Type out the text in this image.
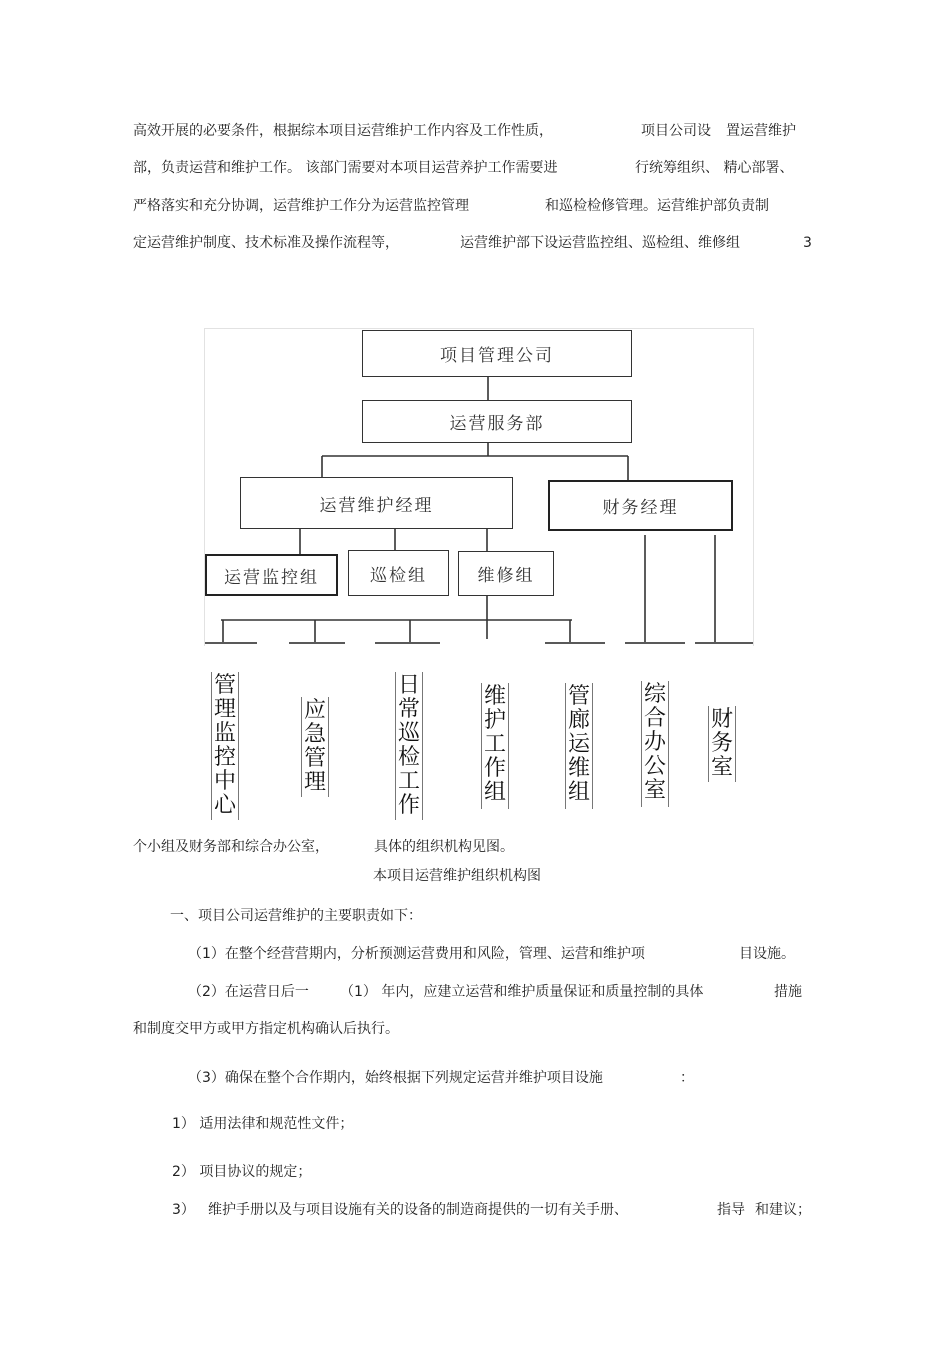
高效开展的必要条件，根据综本项目运营维护工作内容及工作性质，	项目公司设 置运营维护
部，负责运营和维护工作。 该部门需要对本项目运营养护工作需要进	行统筹组织、 精心部署、
严格落实和充分协调，运营维护工作分为运营监控管理	和巡检检修管理。运营维护部负责制
定运营维护制度、技术标准及操作流程等，	运营维护部下设运营监控组、巡检组、维修组	3
项目管理公司
运营服务部
运营维护经理	财务经理
运营监控组	巡检组	维修组
管理监控中心
应急管理
日常巡检工作
维护工作组
管廊运维组
综合办公室
财务室
个小组及财务部和综合办公室，	具体的组织机构见图。
本项目运营维护组织机构图
一、项目公司运营维护的主要职责如下：
（1）在整个经营营期内，分析预测运营费用和风险，管理、运营和维护项	目设施。
（2）在运营日后一 （1） 年内，应建立运营和维护质量保证和质量控制的具体	措施
和制度交甲方或甲方指定机构确认后执行。
（3）确保在整个合作期内，始终根据下列规定运营并维护项目设施	：
1） 适用法律和规范性文件；
2） 项目协议的规定；
3） 维护手册以及与项目设施有关的设备的制造商提供的一切有关手册、	指导 和建议；
